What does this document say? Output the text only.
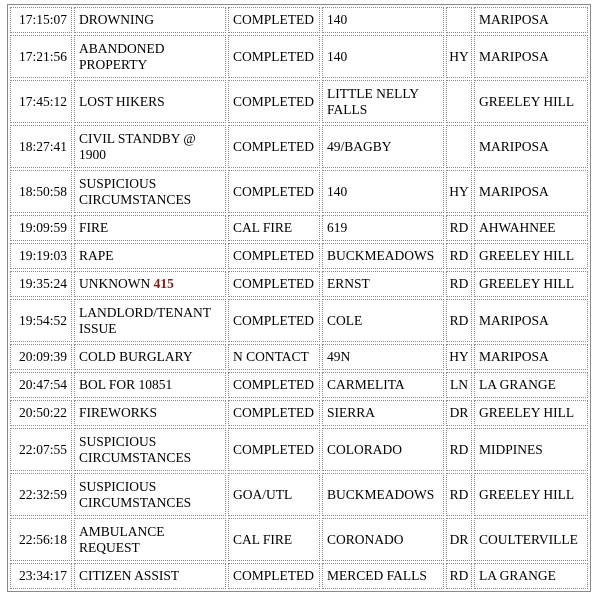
17:15:07	DROWNING	COMPLETED	140		MARIPOSA
17:21:56	ABANDONED PROPERTY	COMPLETED	140	HY	MARIPOSA
17:45:12	LOST HIKERS	COMPLETED	LITTLE NELLY FALLS		GREELEY HILL
18:27:41	CIVIL STANDBY @ 1900	COMPLETED	49/BAGBY		MARIPOSA
18:50:58	SUSPICIOUS CIRCUMSTANCES	COMPLETED	140	HY	MARIPOSA
19:09:59	FIRE	CAL FIRE	619	RD	AHWAHNEE
19:19:03	RAPE	COMPLETED	BUCKMEADOWS	RD	GREELEY HILL
19:35:24	UNKNOWN 415	COMPLETED	ERNST	RD	GREELEY HILL
19:54:52	LANDLORD/TENANT ISSUE	COMPLETED	COLE	RD	MARIPOSA
20:09:39	COLD BURGLARY	N CONTACT	49N	HY	MARIPOSA
20:47:54	BOL FOR 10851	COMPLETED	CARMELITA	LN	LA GRANGE
20:50:22	FIREWORKS	COMPLETED	SIERRA	DR	GREELEY HILL
22:07:55	SUSPICIOUS CIRCUMSTANCES	COMPLETED	COLORADO	RD	MIDPINES
22:32:59	SUSPICIOUS CIRCUMSTANCES	GOA/UTL	BUCKMEADOWS	RD	GREELEY HILL
22:56:18	AMBULANCE REQUEST	CAL FIRE	CORONADO	DR	COULTERVILLE
23:34:17	CITIZEN ASSIST	COMPLETED	MERCED FALLS	RD	LA GRANGE
